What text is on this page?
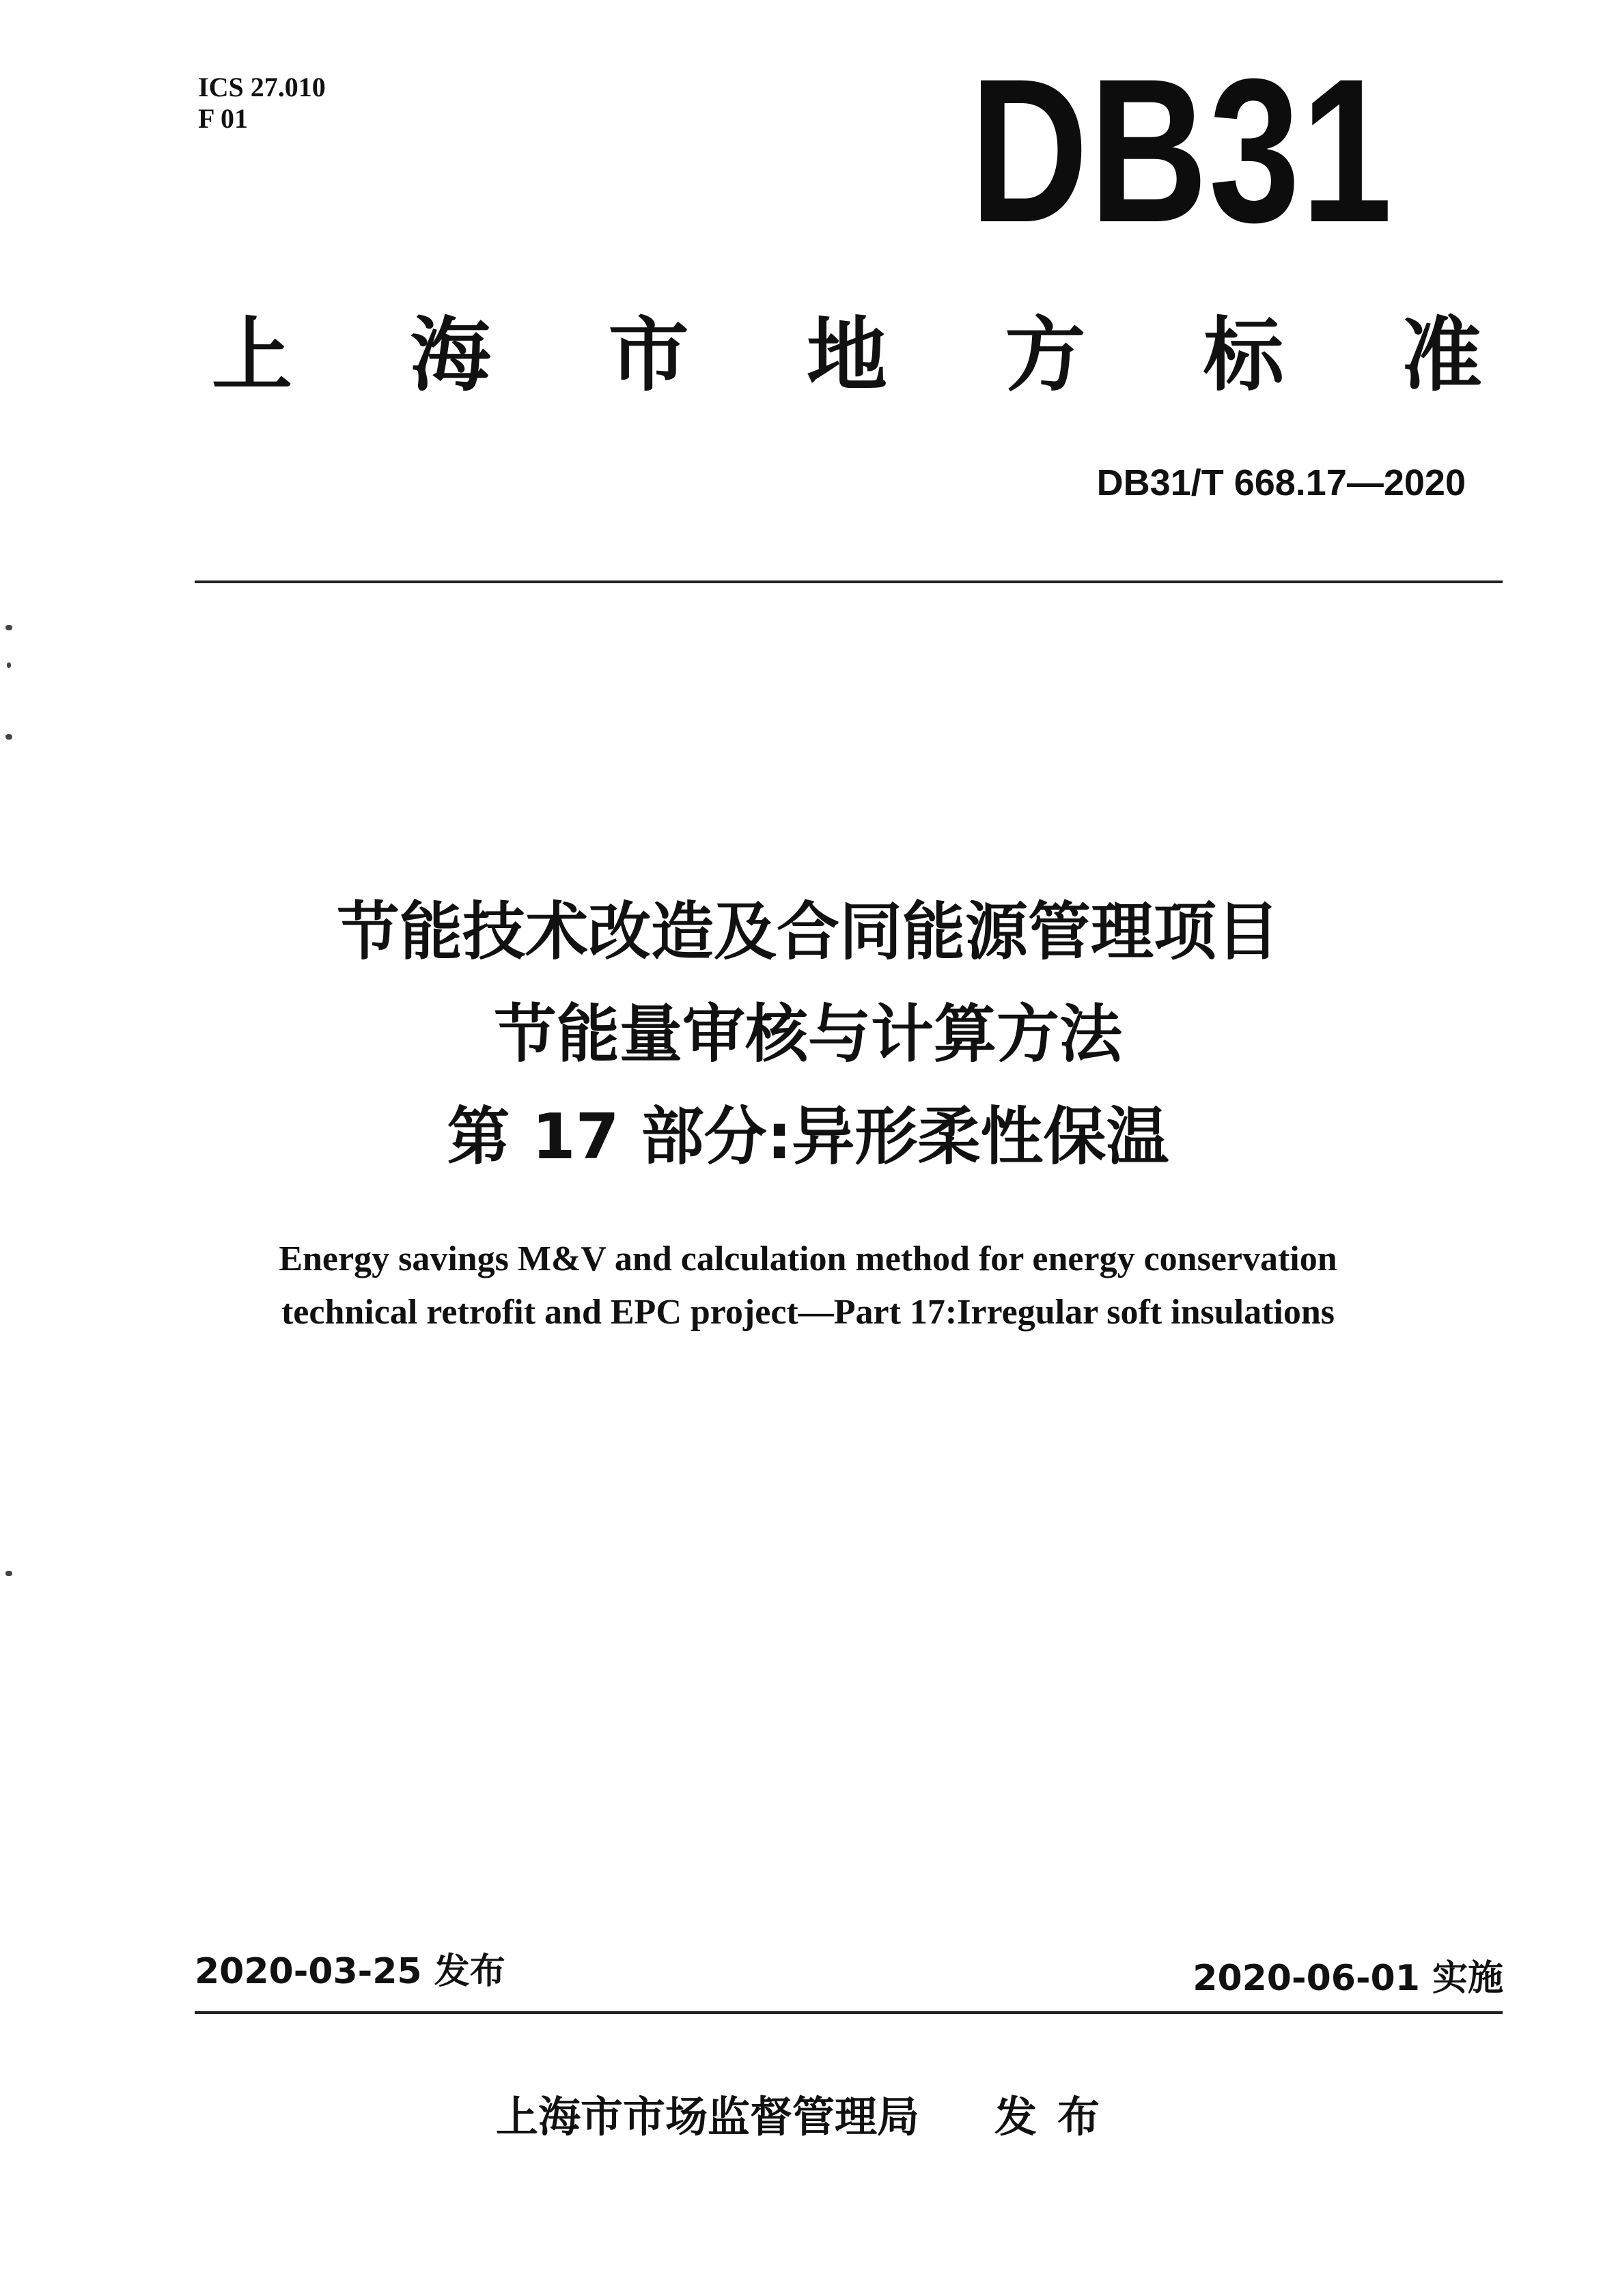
ICS 27.010
F 01	DB31
上 海 市 地 方 标 准
DB31/T 668.17—2020
节能技术改造及合同能源管理项目
节能量审核与计算方法
第 17 部分:异形柔性保温
Energy savings M&V and calculation method for energy conservation
technical retrofit and EPC project—Part 17:Irregular soft insulations
2020-03-25 发布	2020-06-01 实施
上海市市场监督管理局 发布
